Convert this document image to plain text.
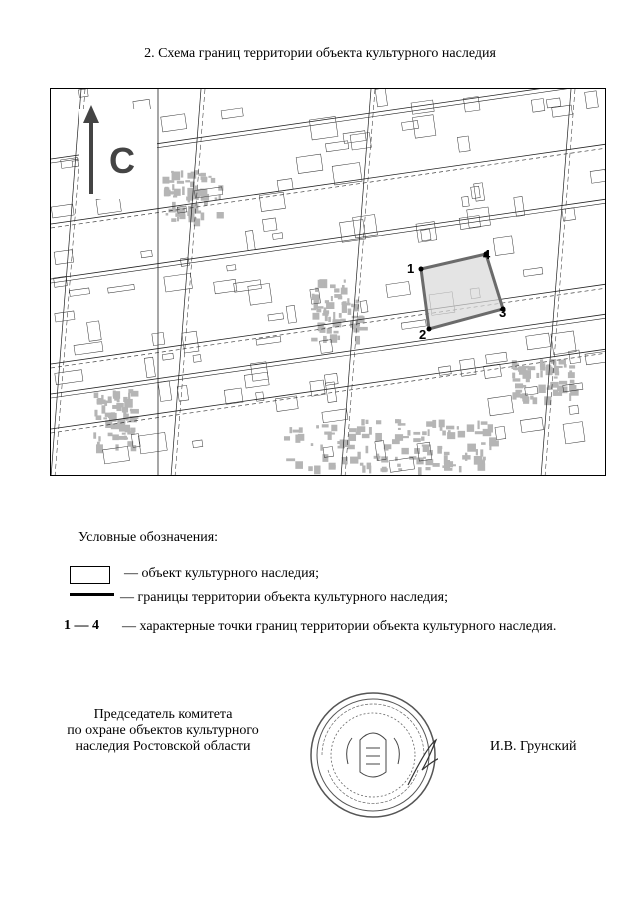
2. Схема границ территории объекта культурного наследия
С
1
2
3
4
Условные обозначения:
— объект культурного наследия;
— границы территории объекта культурного наследия;
1 — 4 — характерные точки границ территории объекта культурного наследия.
Председатель комитета
по охране объектов культурного
наследия Ростовской области	И.В. Грунский
